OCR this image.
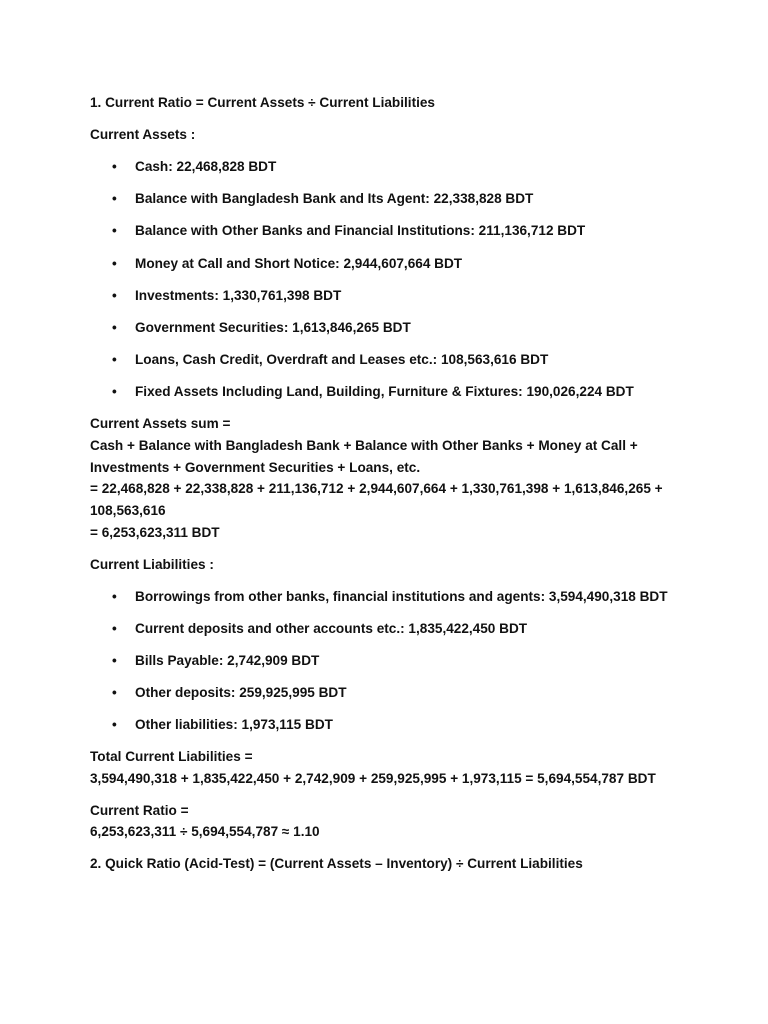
1. Current Ratio = Current Assets ÷ Current Liabilities

Current Assets :

• Cash: 22,468,828 BDT
• Balance with Bangladesh Bank and Its Agent: 22,338,828 BDT
• Balance with Other Banks and Financial Institutions: 211,136,712 BDT
• Money at Call and Short Notice: 2,944,607,664 BDT
• Investments: 1,330,761,398 BDT
• Government Securities: 1,613,846,265 BDT
• Loans, Cash Credit, Overdraft and Leases etc.: 108,563,616 BDT
• Fixed Assets Including Land, Building, Furniture & Fixtures: 190,026,224 BDT

Current Assets sum =

Cash + Balance with Bangladesh Bank + Balance with Other Banks + Money at Call +

Investments + Government Securities + Loans, etc.

= 22,468,828 + 22,338,828 + 211,136,712 + 2,944,607,664 + 1,330,761,398 + 1,613,846,265 +

108,563,616

= 6,253,623,311 BDT

Current Liabilities :

• Borrowings from other banks, financial institutions and agents: 3,594,490,318 BDT
• Current deposits and other accounts etc.: 1,835,422,450 BDT
• Bills Payable: 2,742,909 BDT
• Other deposits: 259,925,995 BDT
• Other liabilities: 1,973,115 BDT

Total Current Liabilities =

3,594,490,318 + 1,835,422,450 + 2,742,909 + 259,925,995 + 1,973,115 = 5,694,554,787 BDT

Current Ratio =

6,253,623,311 ÷ 5,694,554,787 ≈ 1.10

2. Quick Ratio (Acid-Test) = (Current Assets – Inventory) ÷ Current Liabilities
